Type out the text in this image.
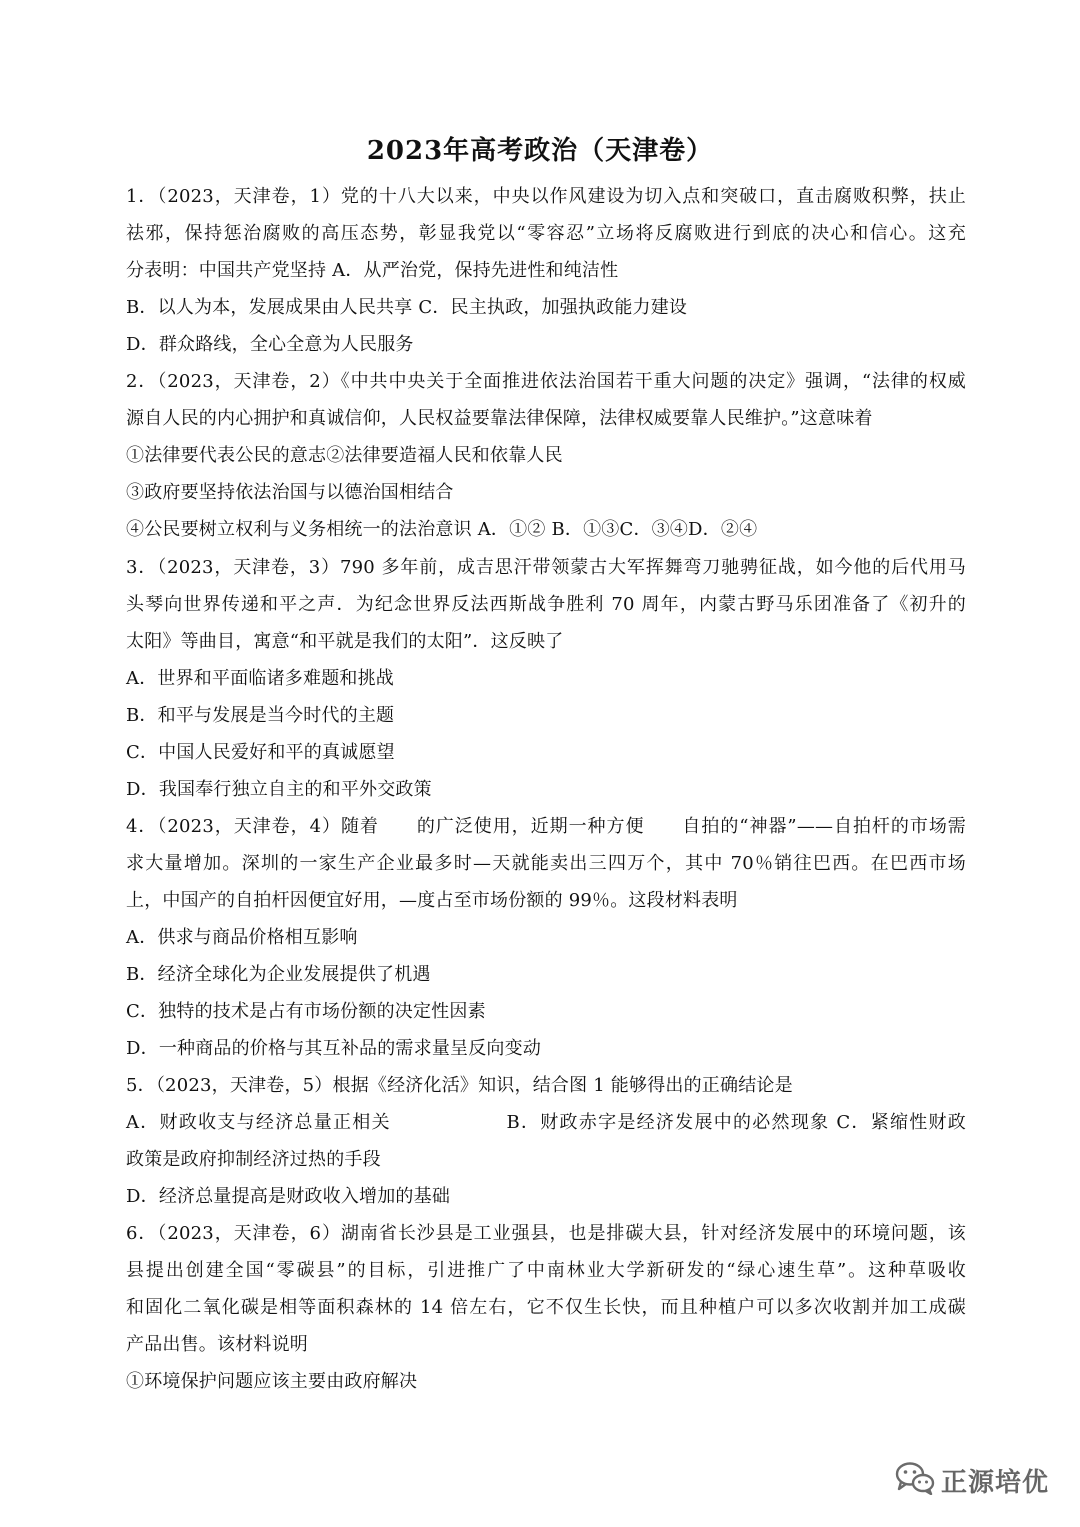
2023年高考政治（天津卷）
1．（2023，天津卷，1）党的十八大以来，中央以作风建设为切入点和突破口，直击腐败积弊，扶止
祛邪，保持惩治腐败的高压态势，彰显我党以“零容忍”立场将反腐败进行到底的决心和信心。这充
分表明：中国共产党坚持 A．从严治党，保持先进性和纯洁性
B．以人为本，发展成果由人民共享 C．民主执政，加强执政能力建设
D．群众路线，全心全意为人民服务
2．（2023，天津卷，2）《中共中央关于全面推进依法治国若干重大问题的决定》强调，“法律的权威
源自人民的内心拥护和真诚信仰，人民权益要靠法律保障，法律权威要靠人民维护。”这意味着
①法律要代表公民的意志②法律要造福人民和依靠人民
③政府要坚持依法治国与以德治国相结合
④公民要树立权利与义务相统一的法治意识 A．①② B．①③C．③④D．②④
3．（2023，天津卷，3）790 多年前，成吉思汗带领蒙古大军挥舞弯刀驰骋征战，如今他的后代用马
头琴向世界传递和平之声．为纪念世界反法西斯战争胜利 70 周年，内蒙古野马乐团准备了《初升的
太阳》等曲目，寓意“和平就是我们的太阳”．这反映了
A．世界和平面临诸多难题和挑战
B．和平与发展是当今时代的主题
C．中国人民爱好和平的真诚愿望
D．我国奉行独立自主的和平外交政策
4．（2023，天津卷，4）随着　　的广泛使用，近期一种方便　　自拍的“神器”——自拍杆的市场需
求大量增加。深圳的一家生产企业最多时—天就能卖出三四万个，其中 70％销往巴西。在巴西市场
上，中国产的自拍杆因便宜好用，—度占至市场份额的 99％。这段材料表明
A．供求与商品价格相互影响
B．经济全球化为企业发展提供了机遇
C．独特的技术是占有市场份额的决定性因素
D．一种商品的价格与其互补品的需求量呈反向变动
5．（2023，天津卷，5）根据《经济化活》知识，结合图 1 能够得出的正确结论是
A．财政收支与经济总量正相关　　　　　　B．财政赤字是经济发展中的必然现象 C．紧缩性财政
政策是政府抑制经济过热的手段
D．经济总量提高是财政收入增加的基础
6．（2023，天津卷，6）湖南省长沙县是工业强县，也是排碳大县，针对经济发展中的环境问题，该
县提出创建全国“零碳县”的目标，引进推广了中南林业大学新研发的“绿心速生草”。这种草吸收
和固化二氧化碳是相等面积森林的 14 倍左右，它不仅生长快，而且种植户可以多次收割并加工成碳
产品出售。该材料说明
①环境保护问题应该主要由政府解决
正源培优
